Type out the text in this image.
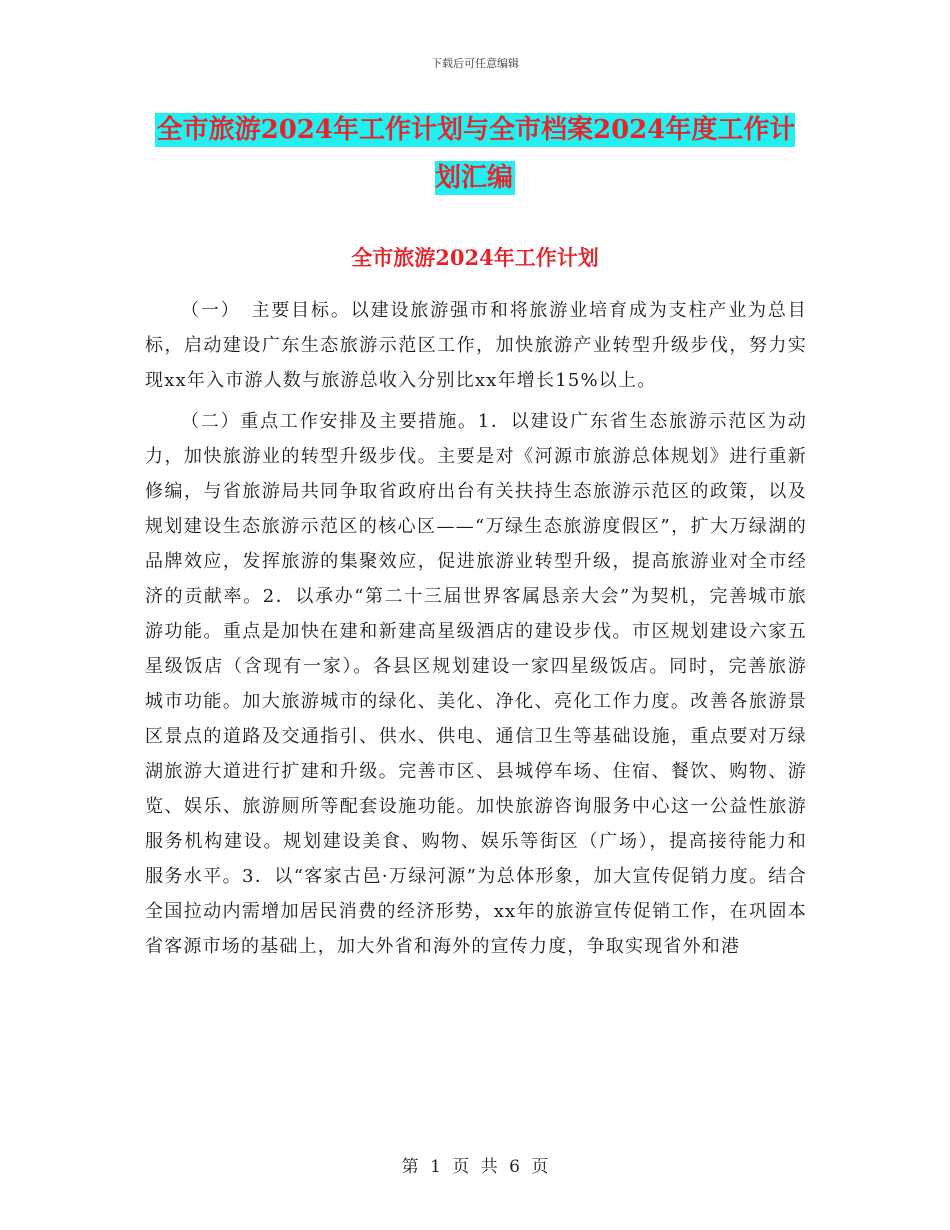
下载后可任意编辑
全市旅游2024年工作计划与全市档案2024年度工作计划汇编
全市旅游2024年工作计划

（一）　主要目标。以建设旅游强市和将旅游业培育成为支柱产业为总目标，启动建设广东生态旅游示范区工作，加快旅游产业转型升级步伐，努力实现xx年入市游人数与旅游总收入分别比xx年增长15%以上。

（二）重点工作安排及主要措施。1．以建设广东省生态旅游示范区为动力，加快旅游业的转型升级步伐。主要是对《河源市旅游总体规划》进行重新修编，与省旅游局共同争取省政府出台有关扶持生态旅游示范区的政策，以及规划建设生态旅游示范区的核心区——“万绿生态旅游度假区”，扩大万绿湖的品牌效应，发挥旅游的集聚效应，促进旅游业转型升级，提高旅游业对全市经济的贡献率。2．以承办“第二十三届世界客属恳亲大会”为契机，完善城市旅游功能。重点是加快在建和新建高星级酒店的建设步伐。市区规划建设六家五星级饭店（含现有一家）。各县区规划建设一家四星级饭店。同时，完善旅游城市功能。加大旅游城市的绿化、美化、净化、亮化工作力度。改善各旅游景区景点的道路及交通指引、供水、供电、通信卫生等基础设施，重点要对万绿湖旅游大道进行扩建和升级。完善市区、县城停车场、住宿、餐饮、购物、游览、娱乐、旅游厕所等配套设施功能。加快旅游咨询服务中心这一公益性旅游服务机构建设。规划建设美食、购物、娱乐等街区（广场），提高接待能力和服务水平。3．以“客家古邑·万绿河源”为总体形象，加大宣传促销力度。结合全国拉动内需增加居民消费的经济形势，xx年的旅游宣传促销工作，在巩固本省客源市场的基础上，加大外省和海外的宣传力度，争取实现省外和港

第 1 页 共 6 页
